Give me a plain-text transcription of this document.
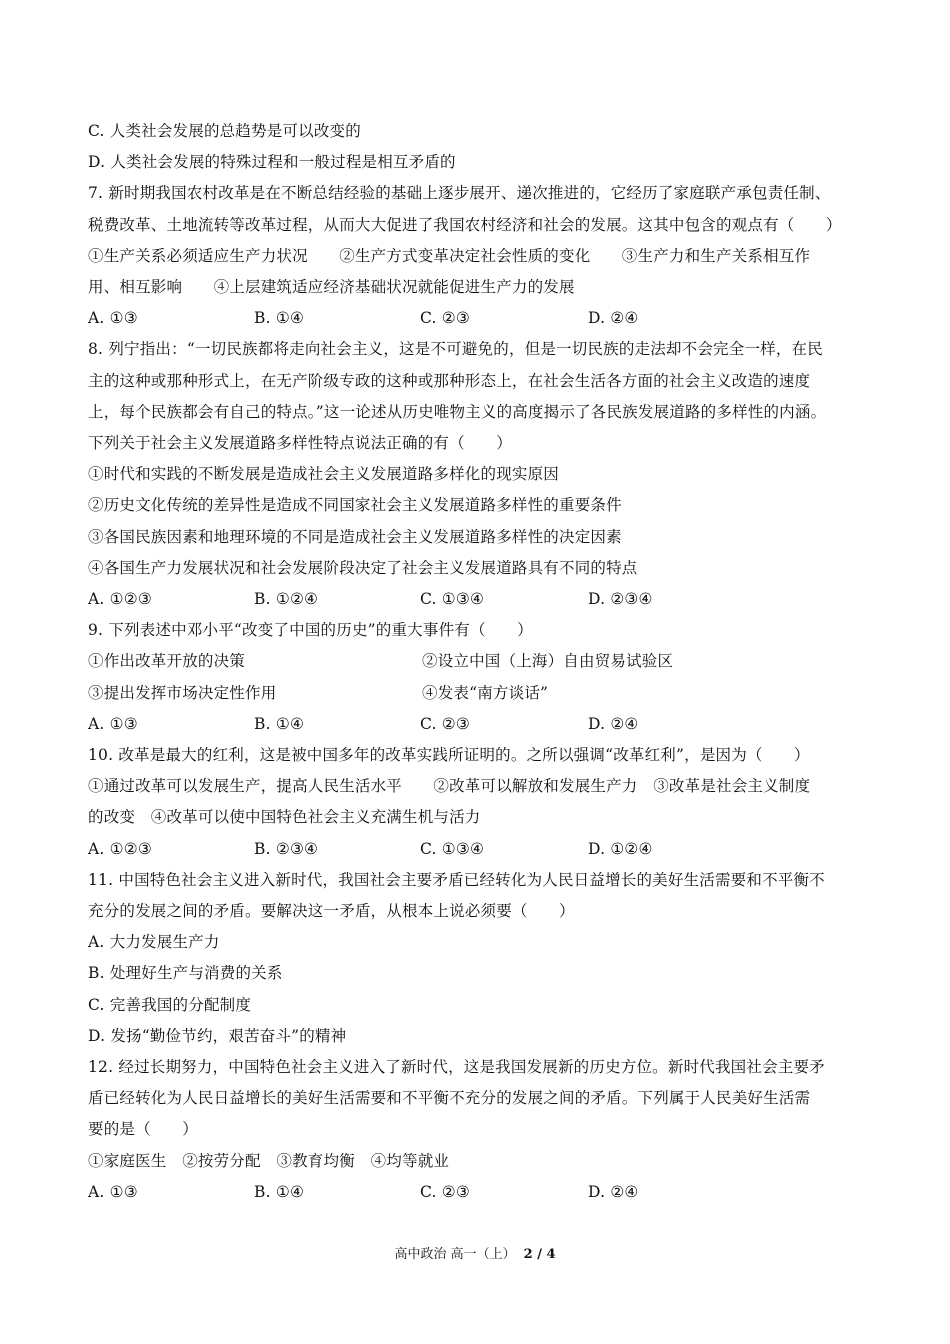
C. 人类社会发展的总趋势是可以改变的
D. 人类社会发展的特殊过程和一般过程是相互矛盾的
7. 新时期我国农村改革是在不断总结经验的基础上逐步展开、递次推进的，它经历了家庭联产承包责任制、
税费改革、土地流转等改革过程，从而大大促进了我国农村经济和社会的发展。这其中包含的观点有（　　）
①生产关系必须适应生产力状况　　②生产方式变革决定社会性质的变化　　③生产力和生产关系相互作
用、相互影响　　④上层建筑适应经济基础状况就能促进生产力的发展
A. ①③	B. ①④	C. ②③	D. ②④
8. 列宁指出：“一切民族都将走向社会主义，这是不可避免的，但是一切民族的走法却不会完全一样，在民
主的这种或那种形式上，在无产阶级专政的这种或那种形态上，在社会生活各方面的社会主义改造的速度
上，每个民族都会有自己的特点。”这一论述从历史唯物主义的高度揭示了各民族发展道路的多样性的内涵。
下列关于社会主义发展道路多样性特点说法正确的有（　　）
①时代和实践的不断发展是造成社会主义发展道路多样化的现实原因
②历史文化传统的差异性是造成不同国家社会主义发展道路多样性的重要条件
③各国民族因素和地理环境的不同是造成社会主义发展道路多样性的决定因素
④各国生产力发展状况和社会发展阶段决定了社会主义发展道路具有不同的特点
A. ①②③	B. ①②④	C. ①③④	D. ②③④
9. 下列表述中邓小平“改变了中国的历史”的重大事件有（　　）
①作出改革开放的决策	②设立中国（上海）自由贸易试验区
③提出发挥市场决定性作用	④发表“南方谈话”
A. ①③	B. ①④	C. ②③	D. ②④
10. 改革是最大的红利，这是被中国多年的改革实践所证明的。之所以强调“改革红利”，是因为（　　）
①通过改革可以发展生产，提高人民生活水平　　②改革可以解放和发展生产力　③改革是社会主义制度
的改变　④改革可以使中国特色社会主义充满生机与活力
A. ①②③	B. ②③④	C. ①③④	D. ①②④
11. 中国特色社会主义进入新时代，我国社会主要矛盾已经转化为人民日益增长的美好生活需要和不平衡不
充分的发展之间的矛盾。要解决这一矛盾，从根本上说必须要（　　）
A. 大力发展生产力
B. 处理好生产与消费的关系
C. 完善我国的分配制度
D. 发扬“勤俭节约，艰苦奋斗”的精神
12. 经过长期努力，中国特色社会主义进入了新时代，这是我国发展新的历史方位。新时代我国社会主要矛
盾已经转化为人民日益增长的美好生活需要和不平衡不充分的发展之间的矛盾。下列属于人民美好生活需
要的是（　　）
①家庭医生　②按劳分配　③教育均衡　④均等就业
A. ①③	B. ①④	C. ②③	D. ②④
高中政治 高一（上） 2 / 4
